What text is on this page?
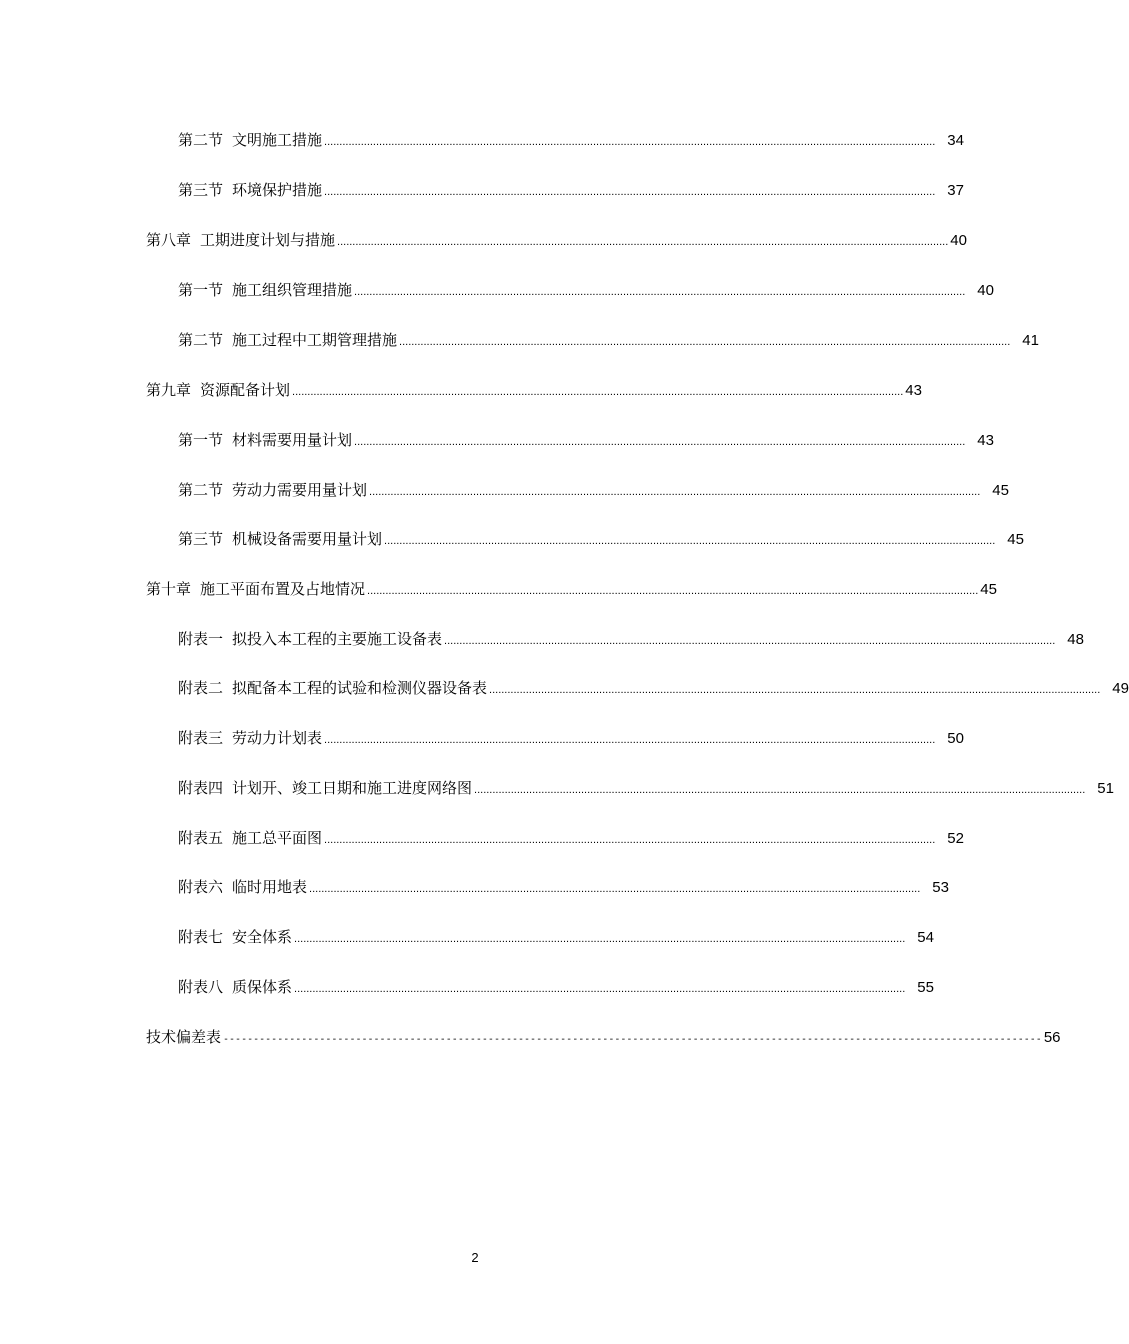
第二节 文明施工措施 ........................................................................................................................................................................................................ 34
第三节 环境保护措施 ........................................................................................................................................................................................................ 37
第八章 工期进度计划与措施 ........................................................................................................................................................................................................ 40
第一节 施工组织管理措施 ........................................................................................................................................................................................................ 40
第二节 施工过程中工期管理措施 ........................................................................................................................................................................................................ 41
第九章 资源配备计划 ........................................................................................................................................................................................................ 43
第一节 材料需要用量计划 ........................................................................................................................................................................................................ 43
第二节 劳动力需要用量计划 ........................................................................................................................................................................................................ 45
第三节 机械设备需要用量计划 ........................................................................................................................................................................................................ 45
第十章 施工平面布置及占地情况 ........................................................................................................................................................................................................ 45
附表一 拟投入本工程的主要施工设备表 ........................................................................................................................................................................................................ 48
附表二 拟配备本工程的试验和检测仪器设备表 ........................................................................................................................................................................................................ 49
附表三 劳动力计划表 ........................................................................................................................................................................................................ 50
附表四 计划开、竣工日期和施工进度网络图 ........................................................................................................................................................................................................ 51
附表五 施工总平面图 ........................................................................................................................................................................................................ 52
附表六 临时用地表 ........................................................................................................................................................................................................ 53
附表七 安全体系 ........................................................................................................................................................................................................ 54
附表八 质保体系 ........................................................................................................................................................................................................ 55
技术偏差表 ---------------------------------------------------------------------------------------------------------------------------------------- 56
2
